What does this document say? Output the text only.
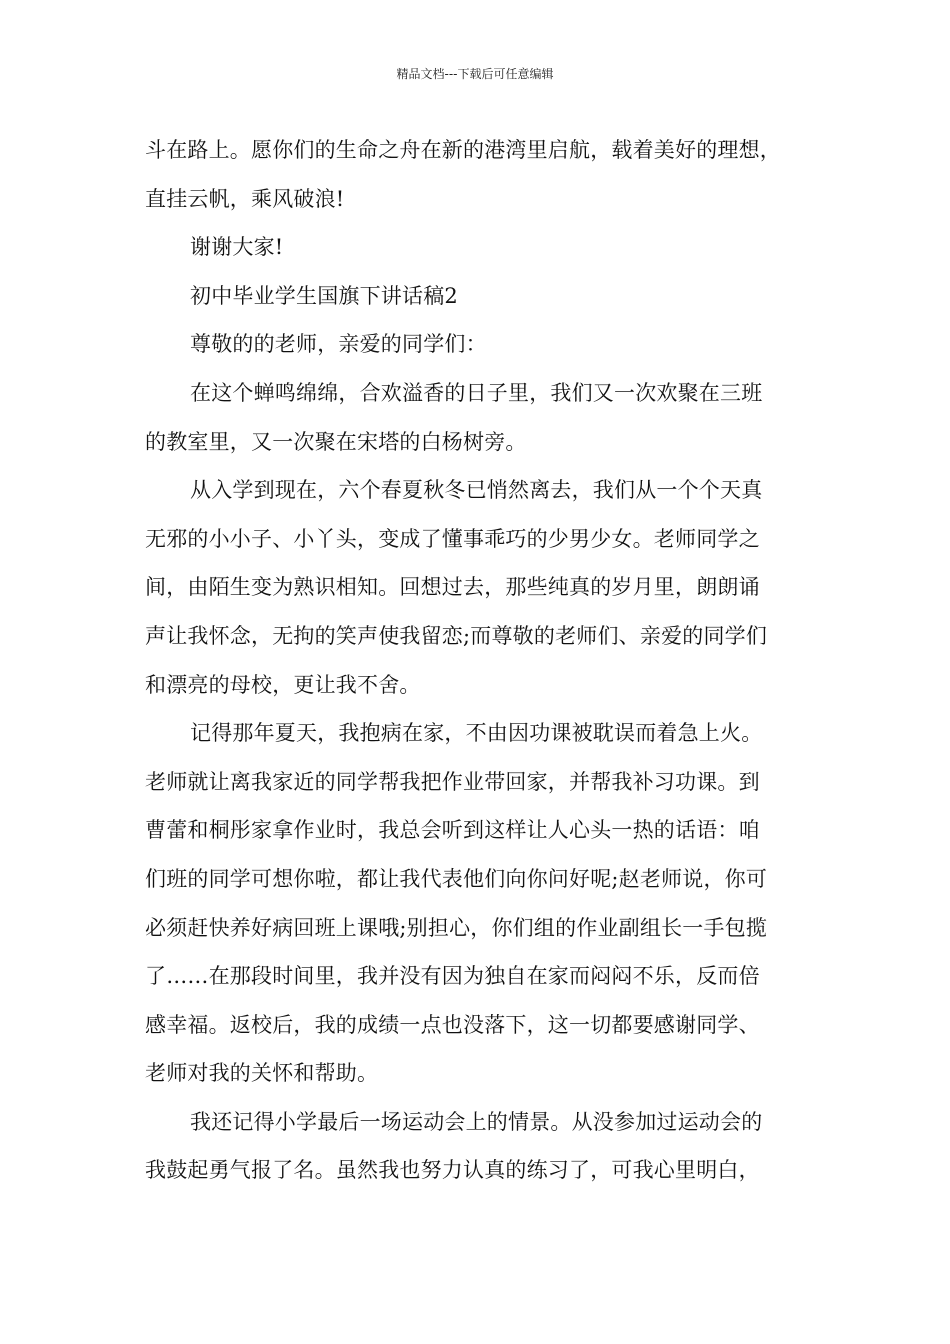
精品文档---下载后可任意编辑
斗在路上。愿你们的生命之舟在新的港湾里启航，载着美好的理想，
直挂云帆，乘风破浪!
谢谢大家!
初中毕业学生国旗下讲话稿2
尊敬的的老师，亲爱的同学们：
在这个蝉鸣绵绵，合欢溢香的日子里，我们又一次欢聚在三班
的教室里，又一次聚在宋塔的白杨树旁。
从入学到现在，六个春夏秋冬已悄然离去，我们从一个个天真
无邪的小小子、小丫头，变成了懂事乖巧的少男少女。老师同学之
间，由陌生变为熟识相知。回想过去，那些纯真的岁月里，朗朗诵
声让我怀念，无拘的笑声使我留恋;而尊敬的老师们、亲爱的同学们
和漂亮的母校，更让我不舍。
记得那年夏天，我抱病在家，不由因功课被耽误而着急上火。
老师就让离我家近的同学帮我把作业带回家，并帮我补习功课。到
曹蕾和桐彤家拿作业时，我总会听到这样让人心头一热的话语：咱
们班的同学可想你啦，都让我代表他们向你问好呢;赵老师说，你可
必须赶快养好病回班上课哦;别担心，你们组的作业副组长一手包揽
了……在那段时间里，我并没有因为独自在家而闷闷不乐，反而倍
感幸福。返校后，我的成绩一点也没落下，这一切都要感谢同学、
老师对我的关怀和帮助。
我还记得小学最后一场运动会上的情景。从没参加过运动会的
我鼓起勇气报了名。虽然我也努力认真的练习了，可我心里明白，
